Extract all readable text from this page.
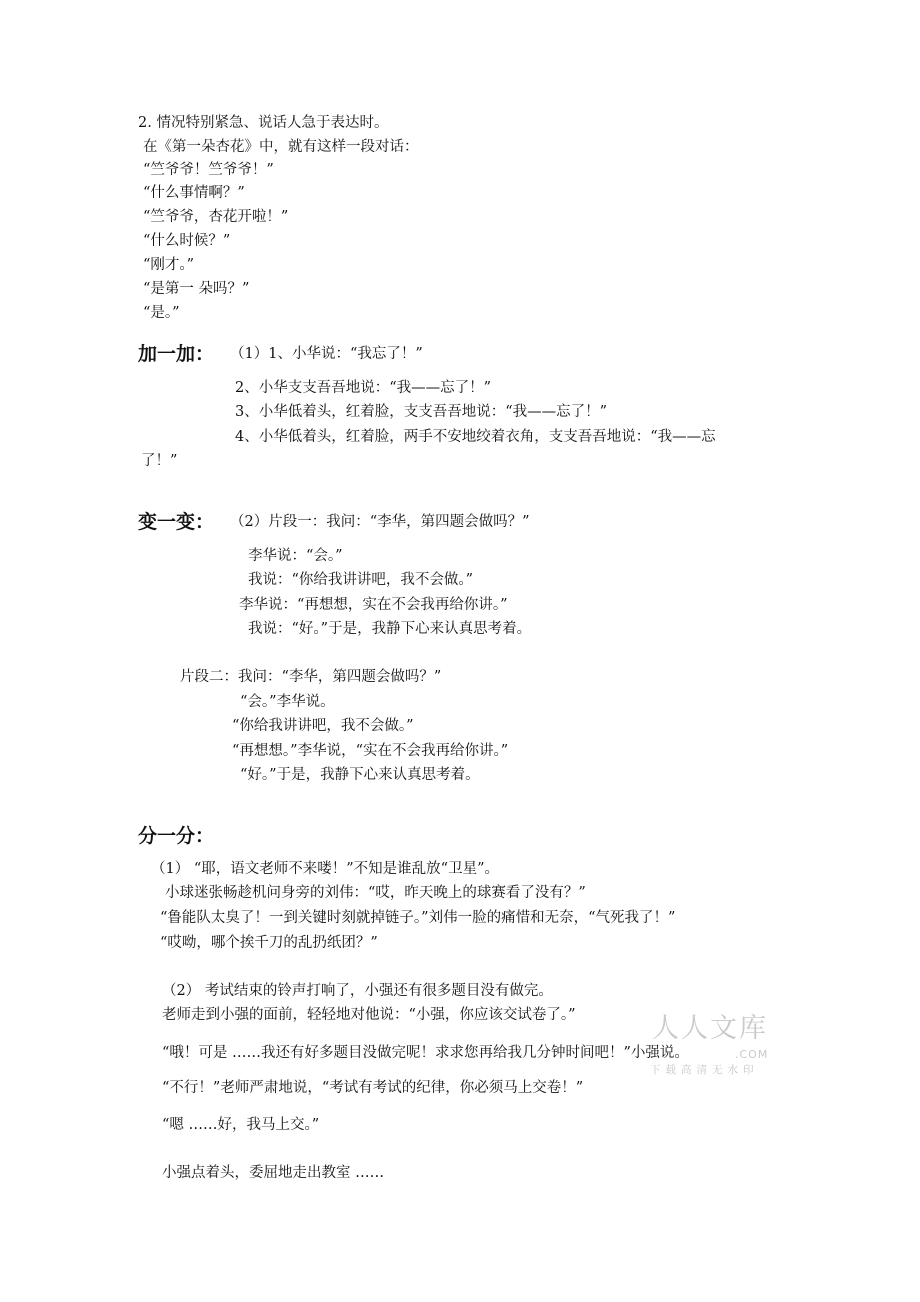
2. 情况特别紧急、说话人急于表达时。
在《第一朵杏花》中，就有这样一段对话：
“竺爷爷！竺爷爷！”
“什么事情啊？”
“竺爷爷，杏花开啦！”
“什么时候？”
“刚才。”
“是第一 朵吗？”
“是。”
加一加： （1）1、小华说：“我忘了！”
2、小华支支吾吾地说：“我——忘了！”
3、小华低着头，红着脸，支支吾吾地说：“我——忘了！”
4、小华低着头，红着脸，两手不安地绞着衣角，支支吾吾地说：“我——忘
了！”
变一变： （2）片段一：我问：“李华，第四题会做吗？”
李华说：“会。”
我说：“你给我讲讲吧，我不会做。”
李华说：“再想想，实在不会我再给你讲。”
我说：“好。”于是，我静下心来认真思考着。
片段二：我问：“李华，第四题会做吗？”
“会。”李华说。
“你给我讲讲吧，我不会做。”
“再想想。”李华说，“实在不会我再给你讲。”
“好。”于是，我静下心来认真思考着。
分一分：
（1） “耶，语文老师不来喽！”不知是谁乱放“卫星”。
小球迷张畅趁机问身旁的刘伟：“哎，昨天晚上的球赛看了没有？”
“鲁能队太臭了！一到关键时刻就掉链子。”刘伟一脸的痛惜和无奈，“气死我了！”
“哎呦，哪个挨千刀的乱扔纸团？”
（2） 考试结束的铃声打响了，小强还有很多题目没有做完。
老师走到小强的面前，轻轻地对他说：“小强，你应该交试卷了。”
“哦！可是 ……我还有好多题目没做完呢！求求您再给我几分钟时间吧！”小强说。
“不行！”老师严肃地说，“考试有考试的纪律，你必须马上交卷！”
“嗯 ……好，我马上交。”
小强点着头，委屈地走出教室 ……
人人文库
.COM
下载高清无水印
